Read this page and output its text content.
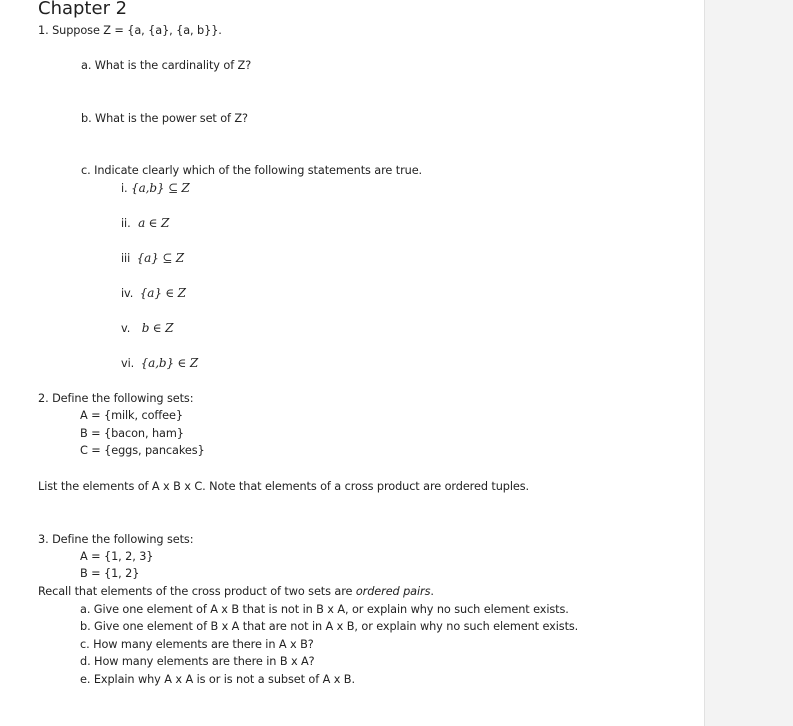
Chapter 2
1. Suppose Z = {a, {a}, {a, b}}.
a. What is the cardinality of Z?
b. What is the power set of Z?
c. Indicate clearly which of the following statements are true.
i. {a,b} ⊆ Z
ii. a ∈ Z
iii {a} ⊆ Z
iv. {a} ∈ Z
v. b ∈ Z
vi. {a,b} ∈ Z
2. Define the following sets:
A = {milk, coffee}
B = {bacon, ham}
C = {eggs, pancakes}
List the elements of A x B x C. Note that elements of a cross product are ordered tuples.
3. Define the following sets:
A = {1, 2, 3}
B = {1, 2}
Recall that elements of the cross product of two sets are ordered pairs.
a. Give one element of A x B that is not in B x A, or explain why no such element exists.
b. Give one element of B x A that are not in A x B, or explain why no such element exists.
c. How many elements are there in A x B?
d. How many elements are there in B x A?
e. Explain why A x A is or is not a subset of A x B.
